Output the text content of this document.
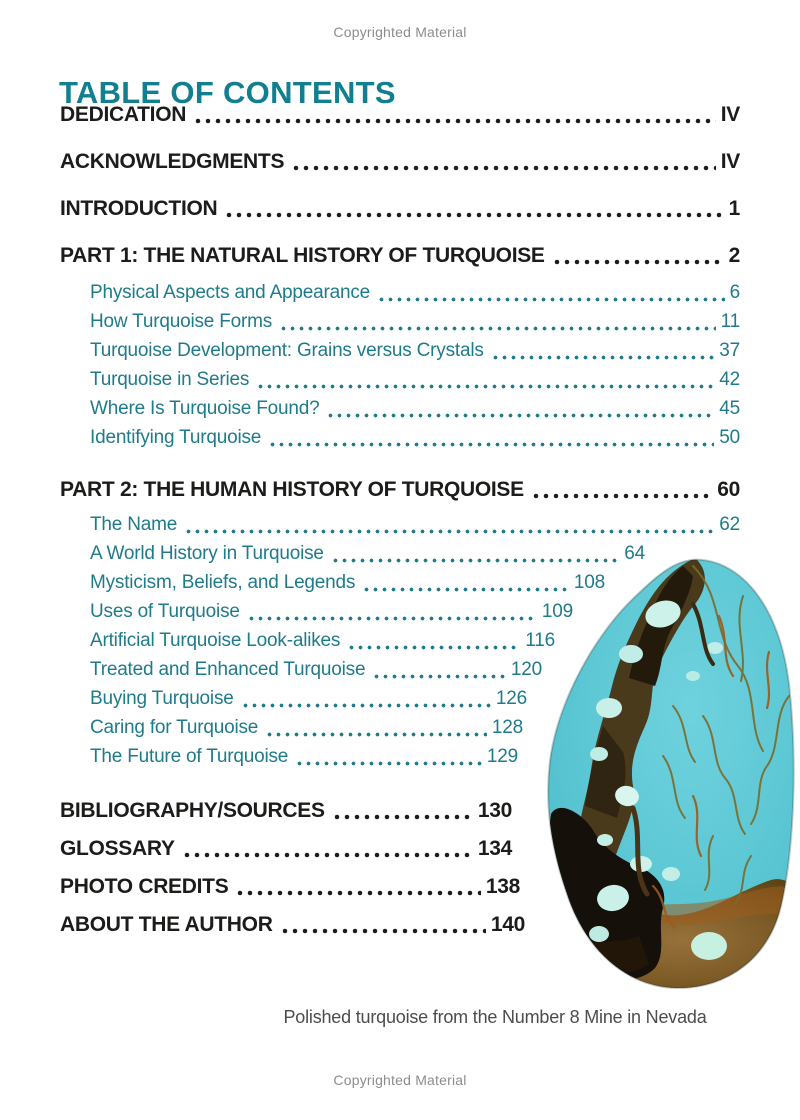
Copyrighted Material
TABLE OF CONTENTS
DEDICATION	IV
ACKNOWLEDGMENTS	IV
INTRODUCTION	1
PART 1: THE NATURAL HISTORY OF TURQUOISE	2
Physical Aspects and Appearance	6
How Turquoise Forms	11
Turquoise Development: Grains versus Crystals	37
Turquoise in Series	42
Where Is Turquoise Found?	45
Identifying Turquoise	50
PART 2: THE HUMAN HISTORY OF TURQUOISE	60
The Name	62
A World History in Turquoise	64
Mysticism, Beliefs, and Legends	108
Uses of Turquoise	109
Artificial Turquoise Look-alikes	116
Treated and Enhanced Turquoise	120
Buying Turquoise	126
Caring for Turquoise	128
The Future of Turquoise	129
BIBLIOGRAPHY/SOURCES	130
GLOSSARY	134
PHOTO CREDITS	138
ABOUT THE AUTHOR	140
Polished turquoise from the Number 8 Mine in Nevada
Copyrighted Material
